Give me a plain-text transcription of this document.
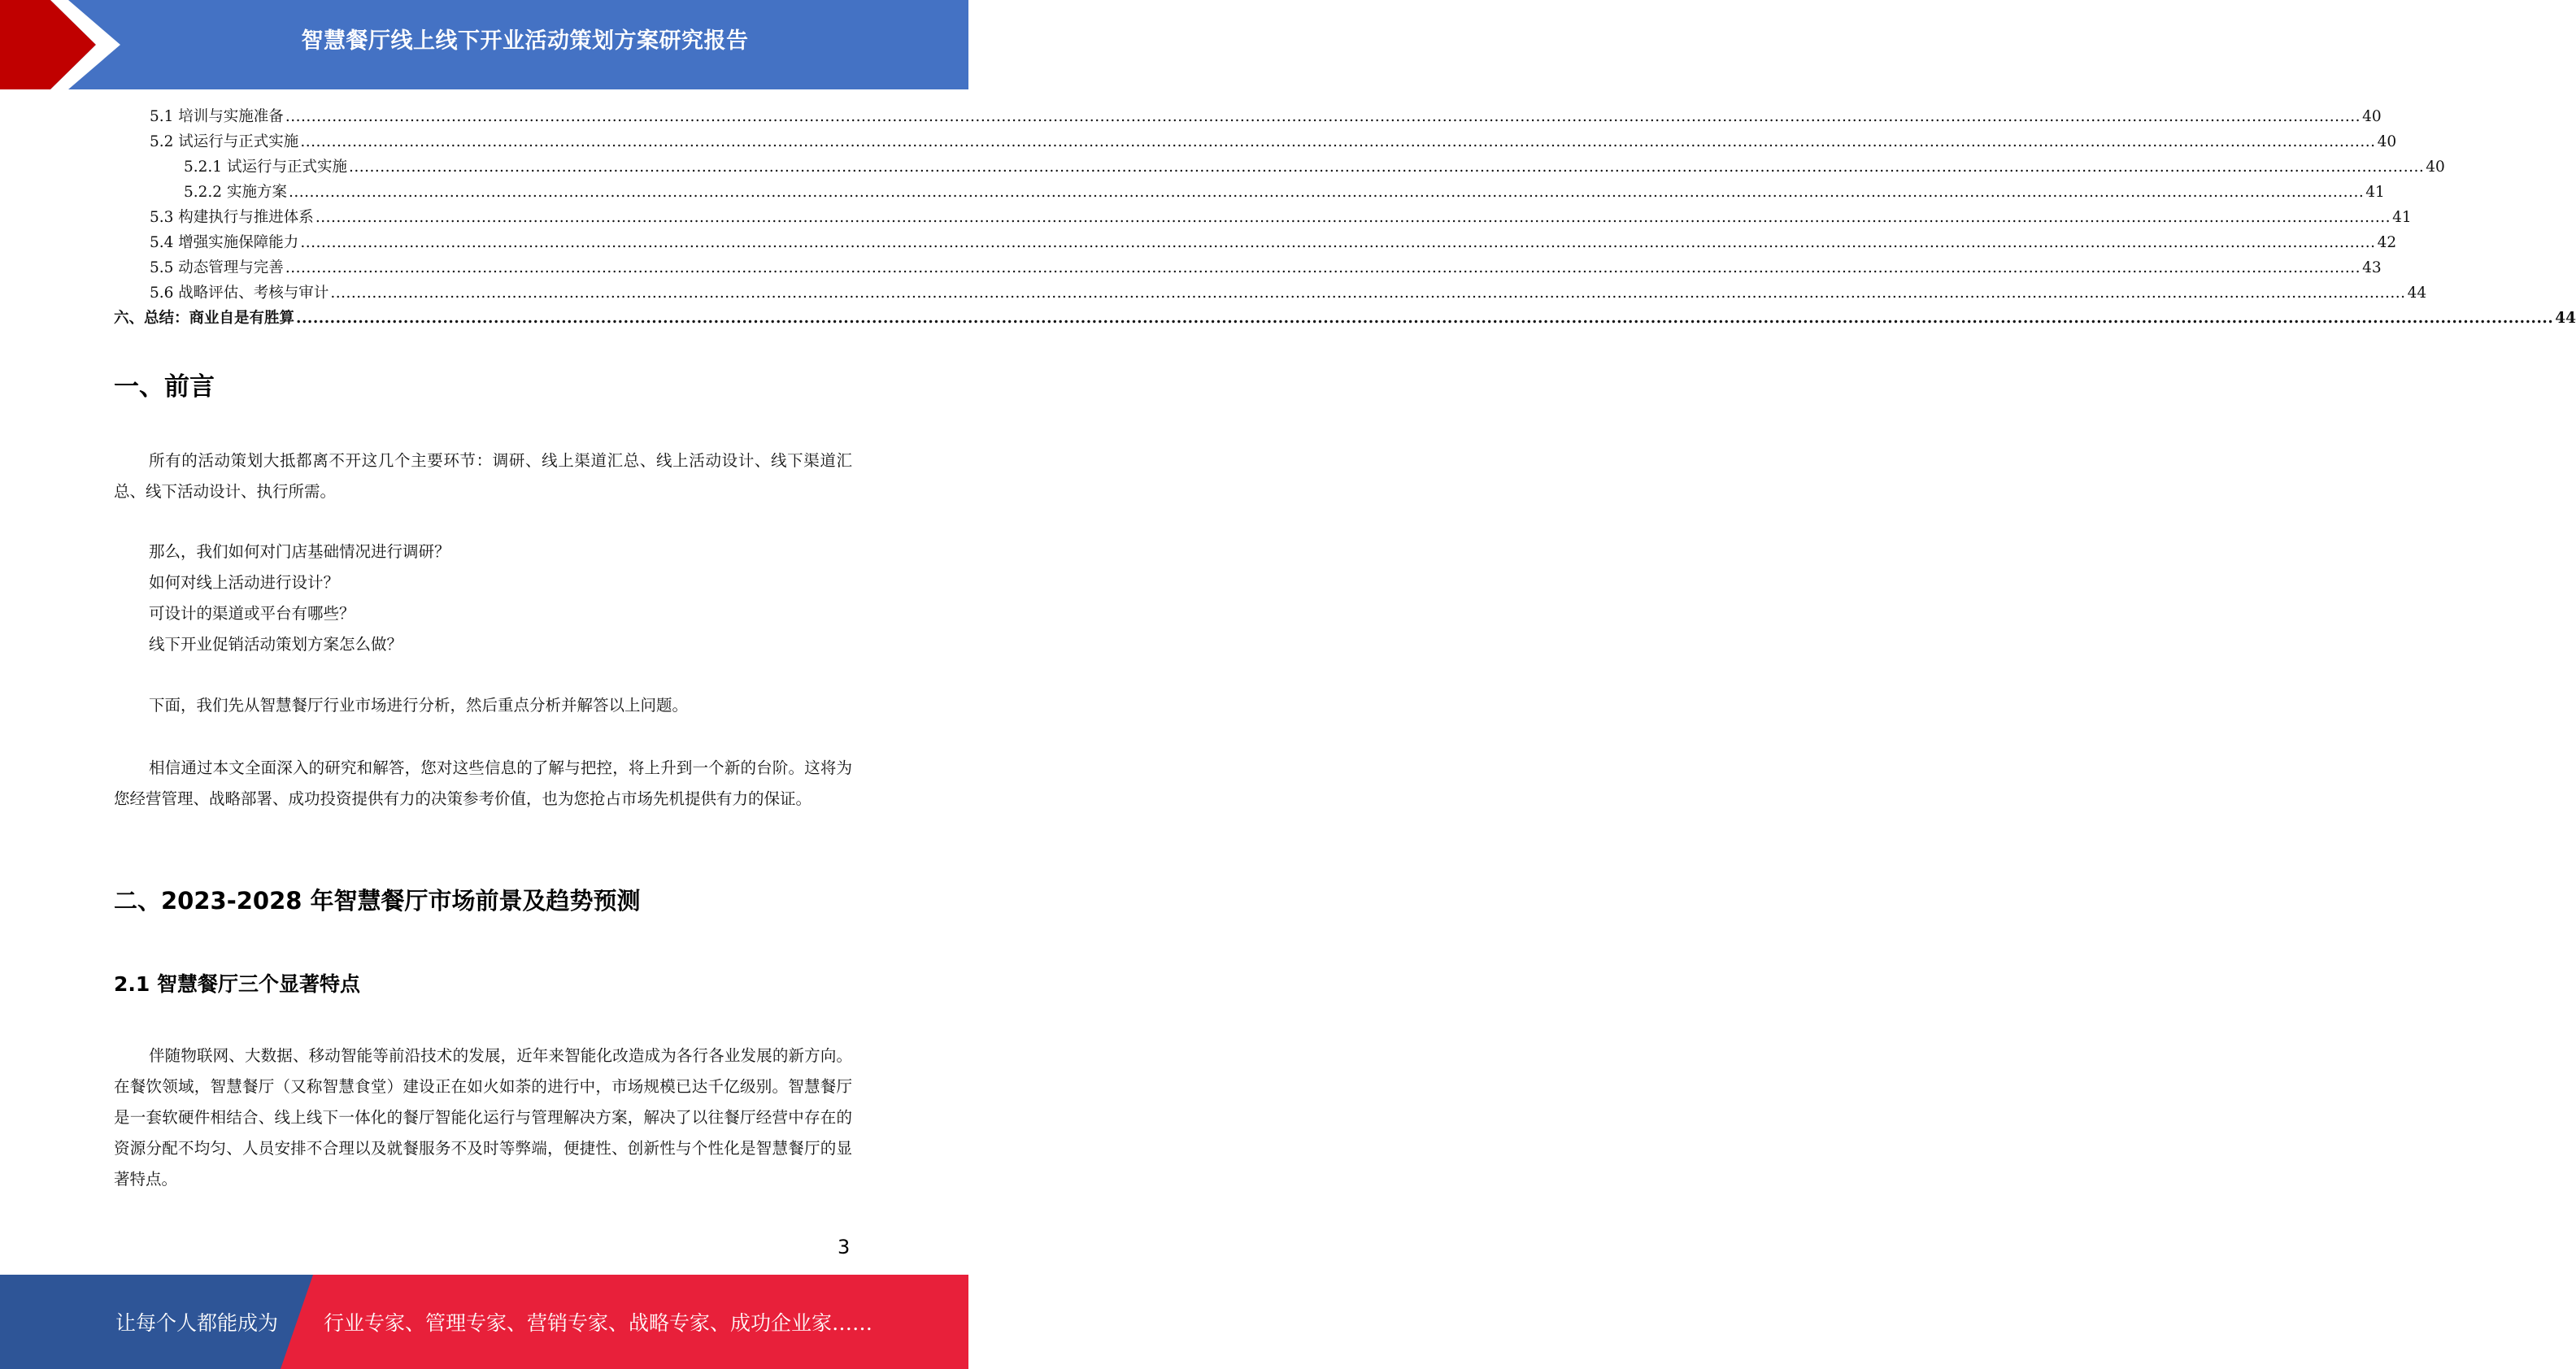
智慧餐厅线上线下开业活动策划方案研究报告
5.1 培训与实施准备 ................................................................................................................................................................................................................................................................................................................................................................................................................ 40
5.2 试运行与正式实施 ................................................................................................................................................................................................................................................................................................................................................................................................................ 40
5.2.1 试运行与正式实施 ................................................................................................................................................................................................................................................................................................................................................................................................................ 40
5.2.2 实施方案 ................................................................................................................................................................................................................................................................................................................................................................................................................ 41
5.3 构建执行与推进体系 ................................................................................................................................................................................................................................................................................................................................................................................................................ 41
5.4 增强实施保障能力 ................................................................................................................................................................................................................................................................................................................................................................................................................ 42
5.5 动态管理与完善 ................................................................................................................................................................................................................................................................................................................................................................................................................ 43
5.6 战略评估、考核与审计 ................................................................................................................................................................................................................................................................................................................................................................................................................ 44
六、总结：商业自是有胜算 ................................................................................................................................................................................................................................................................................................................................................................................................................ 44
一、前言

所有的活动策划大抵都离不开这几个主要环节：调研、线上渠道汇总、线上活动设计、线下渠道汇总、线下活动设计、执行所需。

那么，我们如何对门店基础情况进行调研？

如何对线上活动进行设计？

可设计的渠道或平台有哪些？

线下开业促销活动策划方案怎么做？

下面，我们先从智慧餐厅行业市场进行分析，然后重点分析并解答以上问题。

相信通过本文全面深入的研究和解答，您对这些信息的了解与把控，将上升到一个新的台阶。这将为您经营管理、战略部署、成功投资提供有力的决策参考价值，也为您抢占市场先机提供有力的保证。

二、2023-2028 年智慧餐厅市场前景及趋势预测
2.1 智慧餐厅三个显著特点

伴随物联网、大数据、移动智能等前沿技术的发展，近年来智能化改造成为各行各业发展的新方向。在餐饮领域，智慧餐厅（又称智慧食堂）建设正在如火如荼的进行中，市场规模已达千亿级别。智慧餐厅是一套软硬件相结合、线上线下一体化的餐厅智能化运行与管理解决方案，解决了以往餐厅经营中存在的资源分配不均匀、人员安排不合理以及就餐服务不及时等弊端，便捷性、创新性与个性化是智慧餐厅的显著特点。

3
让每个人都能成为 行业专家、管理专家、营销专家、战略专家、成功企业家……
